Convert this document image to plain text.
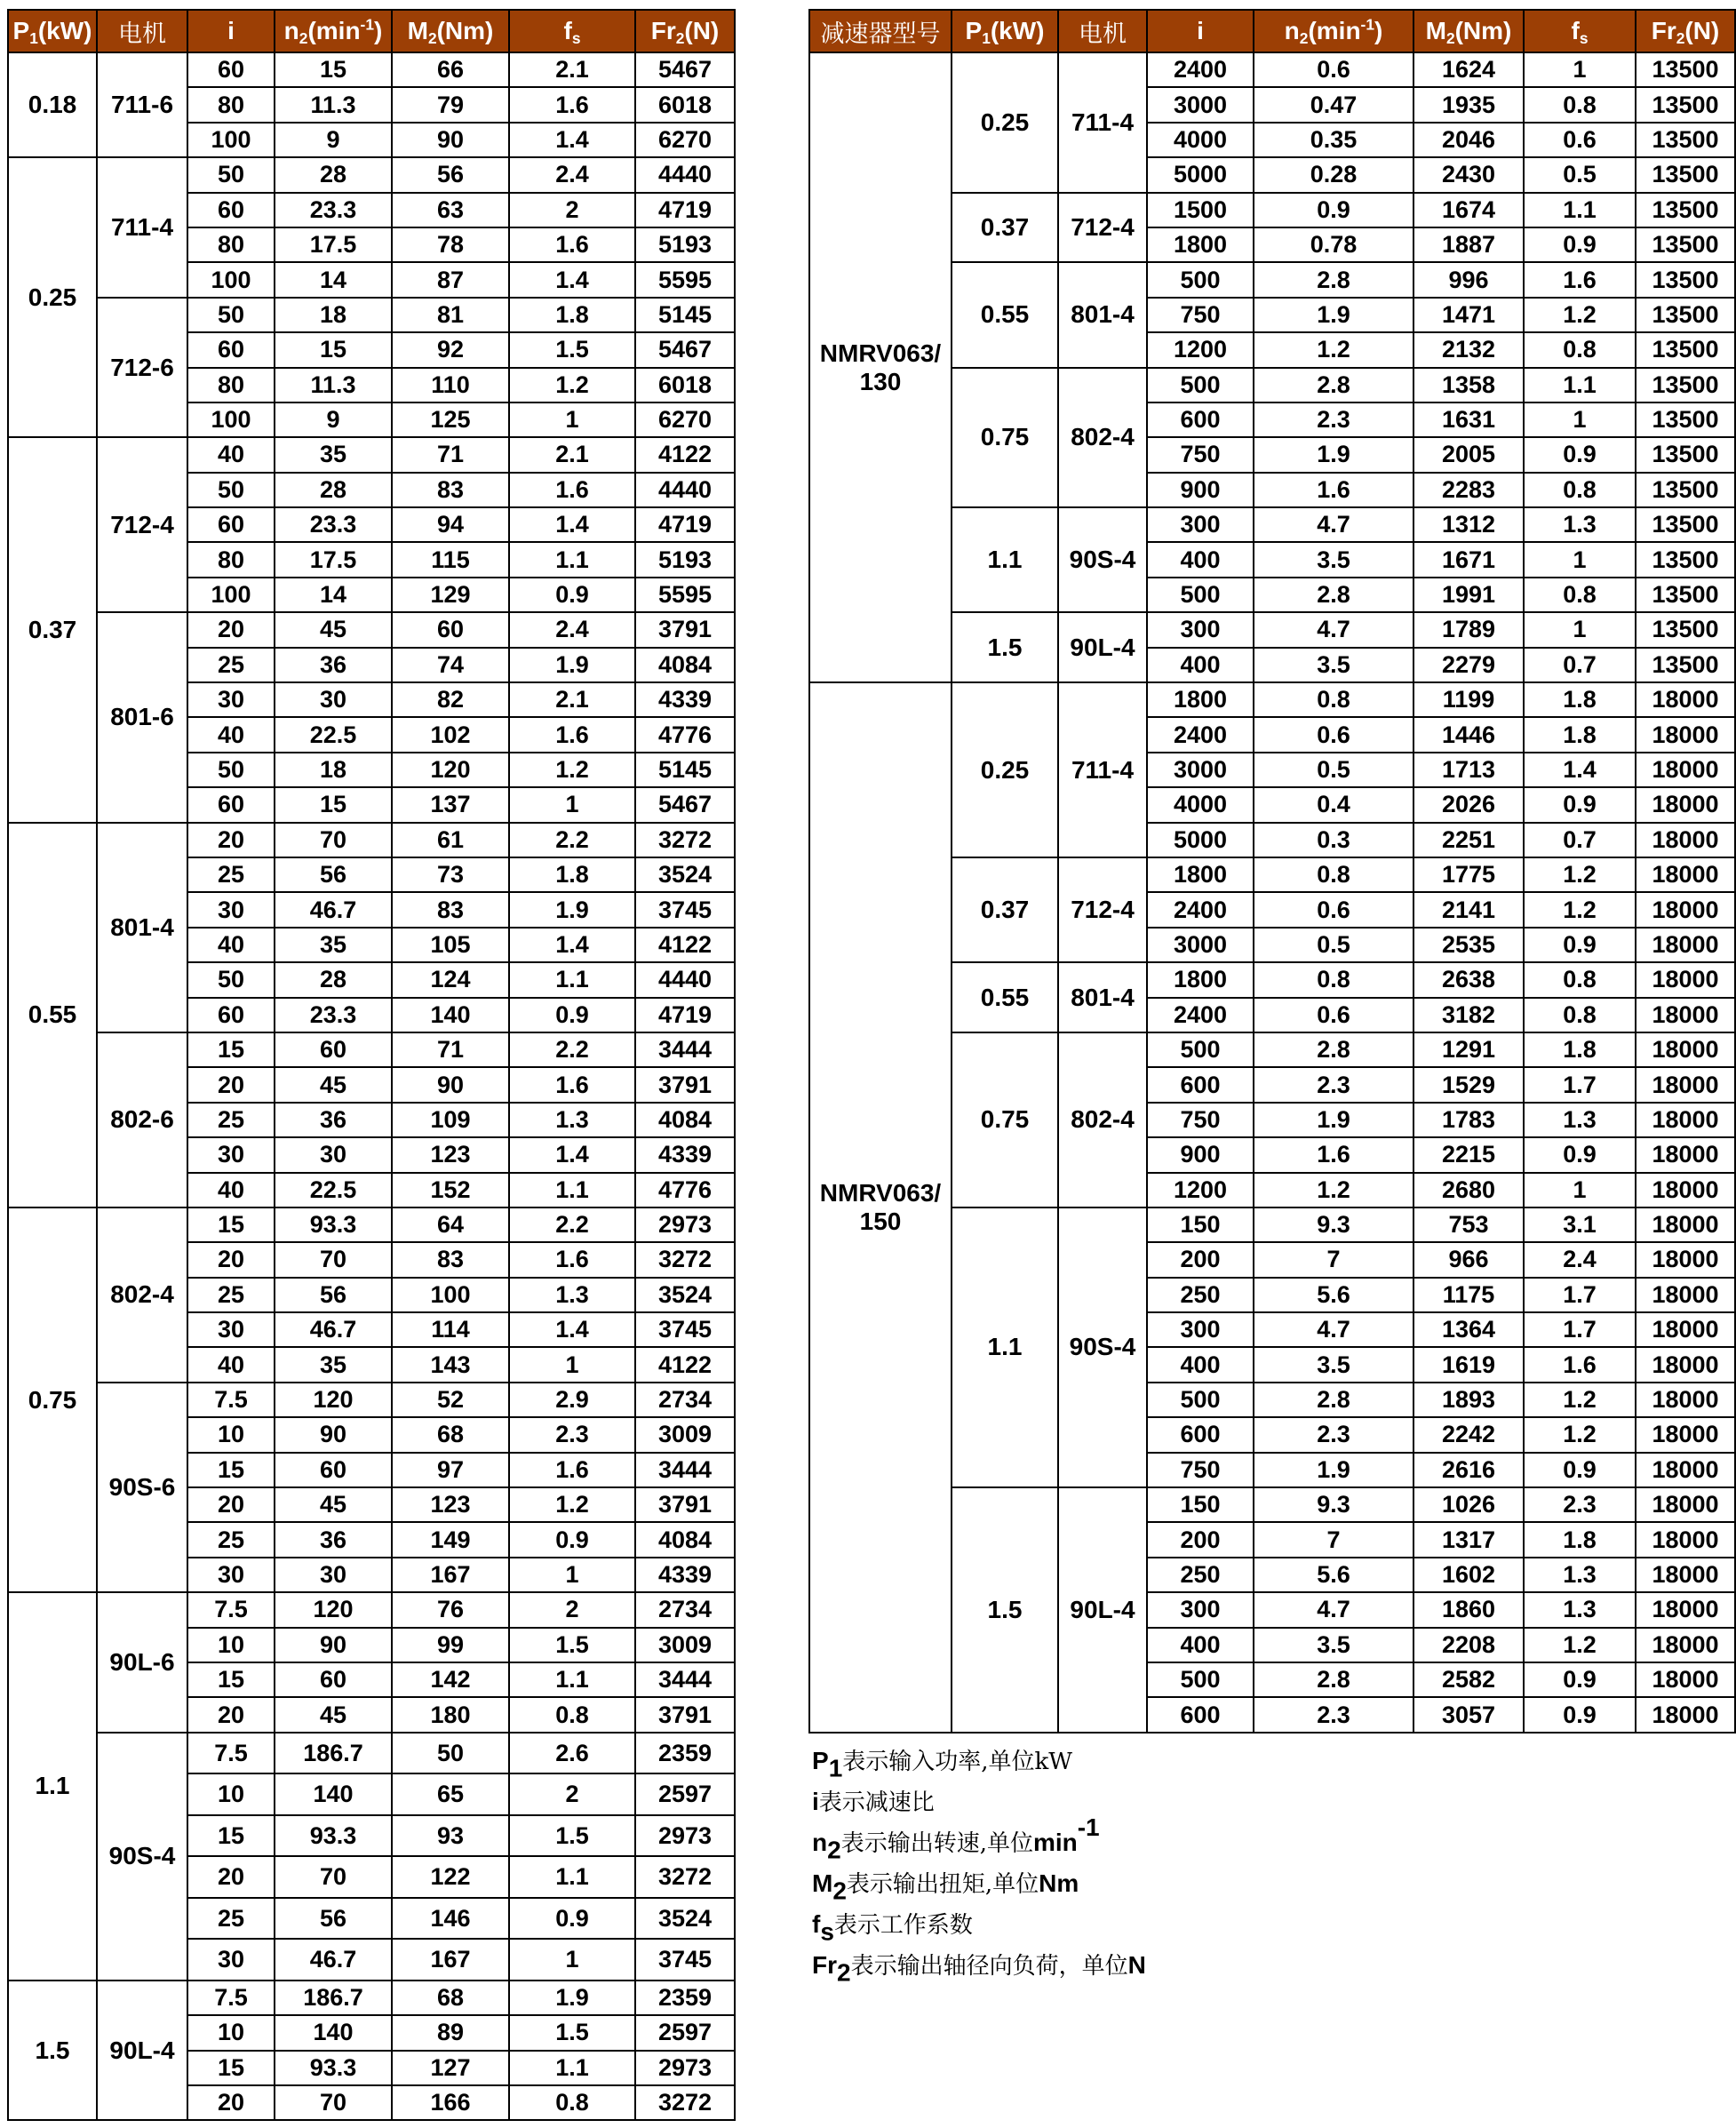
$P_1(kW)$	电机	i	$n_2(\min^{-1})$	$M_2(Nm)$	$f_s$	$Fr_2(N)$
0.18	711-6	60	15	66	2.1	5467
		80	11.3	79	1.6	6018
		100	9	90	1.4	6270
0.25	711-4	50	28	56	2.4	4440
		60	23.3	63	2	4719
		80	17.5	78	1.6	5193
		100	14	87	1.4	5595
	712-6	50	18	81	1.8	5145
		60	15	92	1.5	5467
		80	11.3	110	1.2	6018
		100	9	125	1	6270
0.37	712-4	40	35	71	2.1	4122
		50	28	83	1.6	4440
		60	23.3	94	1.4	4719
		80	17.5	115	1.1	5193
		100	14	129	0.9	5595
	801-6	20	45	60	2.4	3791
		25	36	74	1.9	4084
		30	30	82	2.1	4339
		40	22.5	102	1.6	4776
		50	18	120	1.2	5145
		60	15	137	1	5467
0.55	801-4	20	70	61	2.2	3272
		25	56	73	1.8	3524
		30	46.7	83	1.9	3745
		40	35	105	1.4	4122
		50	28	124	1.1	4440
		60	23.3	140	0.9	4719
	802-6	15	60	71	2.2	3444
		20	45	90	1.6	3791
		25	36	109	1.3	4084
		30	30	123	1.4	4339
		40	22.5	152	1.1	4776
0.75	802-4	15	93.3	64	2.2	2973
		20	70	83	1.6	3272
		25	56	100	1.3	3524
		30	46.7	114	1.4	3745
		40	35	143	1	4122
	90S-6	7.5	120	52	2.9	2734
		10	90	68	2.3	3009
		15	60	97	1.6	3444
		20	45	123	1.2	3791
		25	36	149	0.9	4084
		30	30	167	1	4339
1.1	90L-6	7.5	120	76	2	2734
		10	90	99	1.5	3009
		15	60	142	1.1	3444
		20	45	180	0.8	3791
	90S-4	7.5	186.7	50	2.6	2359
		10	140	65	2	2597
		15	93.3	93	1.5	2973
		20	70	122	1.1	3272
		25	56	146	0.9	3524
		30	46.7	167	1	3745
1.5	90L-4	7.5	186.7	68	1.9	2359
		10	140	89	1.5	2597
		15	93.3	127	1.1	2973
		20	70	166	0.8	3272
减速器型号	$P_1(kW)$	电机	i	$n_2(\min^{-1})$	$M_2(Nm)$	$f_s$	$Fr_2(N)$

NMRV063/
130	0.25	711-4	2400	0.6	1624	1	13500
			3000	0.47	1935	0.8	13500
			4000	0.35	2046	0.6	13500
			5000	0.28	2430	0.5	13500
	0.37	712-4	1500	0.9	1674	1.1	13500
			1800	0.78	1887	0.9	13500
	0.55	801-4	500	2.8	996	1.6	13500
			750	1.9	1471	1.2	13500
			1200	1.2	2132	0.8	13500
	0.75	802-4	500	2.8	1358	1.1	13500
			600	2.3	1631	1	13500
			750	1.9	2005	0.9	13500
			900	1.6	2283	0.8	13500
	1.1	90S-4	300	4.7	1312	1.3	13500
			400	3.5	1671	1	13500
			500	2.8	1991	0.8	13500
	1.5	90L-4	300	4.7	1789	1	13500
			400	3.5	2279	0.7	13500

NMRV063/
150	0.25	711-4	1800	0.8	1199	1.8	18000
			2400	0.6	1446	1.8	18000
			3000	0.5	1713	1.4	18000
			4000	0.4	2026	0.9	18000
			5000	0.3	2251	0.7	18000
	0.37	712-4	1800	0.8	1775	1.2	18000
			2400	0.6	2141	1.2	18000
			3000	0.5	2535	0.9	18000
	0.55	801-4	1800	0.8	2638	0.8	18000
			2400	0.6	3182	0.8	18000
	0.75	802-4	500	2.8	1291	1.8	18000
			600	2.3	1529	1.7	18000
			750	1.9	1783	1.3	18000
			900	1.6	2215	0.9	18000
			1200	1.2	2680	1	18000
	1.1	90S-4	150	9.3	753	3.1	18000
			200	7	966	2.4	18000
			250	5.6	1175	1.7	18000
			300	4.7	1364	1.7	18000
			400	3.5	1619	1.6	18000
			500	2.8	1893	1.2	18000
			600	2.3	2242	1.2	18000
			750	1.9	2616	0.9	18000
	1.5	90L-4	150	9.3	1026	2.3	18000
			200	7	1317	1.8	18000
			250	5.6	1602	1.3	18000
			300	4.7	1860	1.3	18000
			400	3.5	2208	1.2	18000
			500	2.8	2582	0.9	18000
			600	2.3	3057	0.9	18000
$P_1$表示输入功率,单位kW
i表示减速比
$n_2$表示输出转速,单位$\min^{-1}$
$M_2$表示输出扭矩,单位Nm
$f_s$表示工作系数
$Fr_2$表示输出轴径向负荷，单位N
